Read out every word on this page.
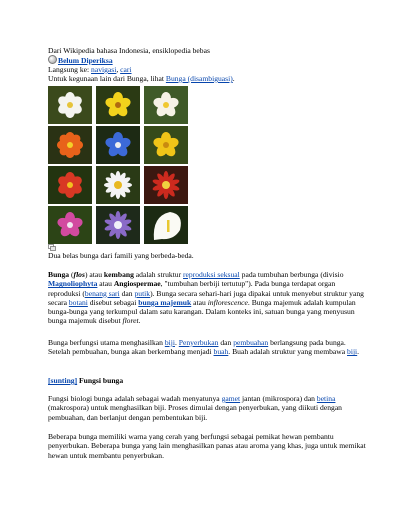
Dari Wikipedia bahasa Indonesia, ensiklopedia bebas
Belum Diperiksa
Langsung ke: navigasi, cari
Untuk kegunaan lain dari Bunga, lihat Bunga (disambiguasi).
Dua belas bunga dari famili yang berbeda-beda.

Bunga (flos) atau kembang adalah struktur reproduksi seksual pada tumbuhan berbunga (divisio Magnoliophyta atau Angiospermae, "tumbuhan berbiji tertutup"). Pada bunga terdapat organ reproduksi (benang sari dan putik). Bunga secara sehari-hari juga dipakai untuk menyebut struktur yang secara botani disebut sebagai bunga majemuk atau inflorescence. Bunga majemuk adalah kumpulan bunga-bunga yang terkumpul dalam satu karangan. Dalam konteks ini, satuan bunga yang menyusun bunga majemuk disebut floret.

Bunga berfungsi utama menghasilkan biji. Penyerbukan dan pembuahan berlangsung pada bunga. Setelah pembuahan, bunga akan berkembang menjadi buah. Buah adalah struktur yang membawa biji.

[sunting] Fungsi bunga

Fungsi biologi bunga adalah sebagai wadah menyatunya gamet jantan (mikrospora) dan betina (makrospora) untuk menghasilkan biji. Proses dimulai dengan penyerbukan, yang diikuti dengan pembuahan, dan berlanjut dengan pembentukan biji.

Beberapa bunga memiliki warna yang cerah yang berfungsi sebagai pemikat hewan pembantu penyerbukan. Beberapa bunga yang lain menghasilkan panas atau aroma yang khas, juga untuk memikat hewan untuk membantu penyerbukan.
